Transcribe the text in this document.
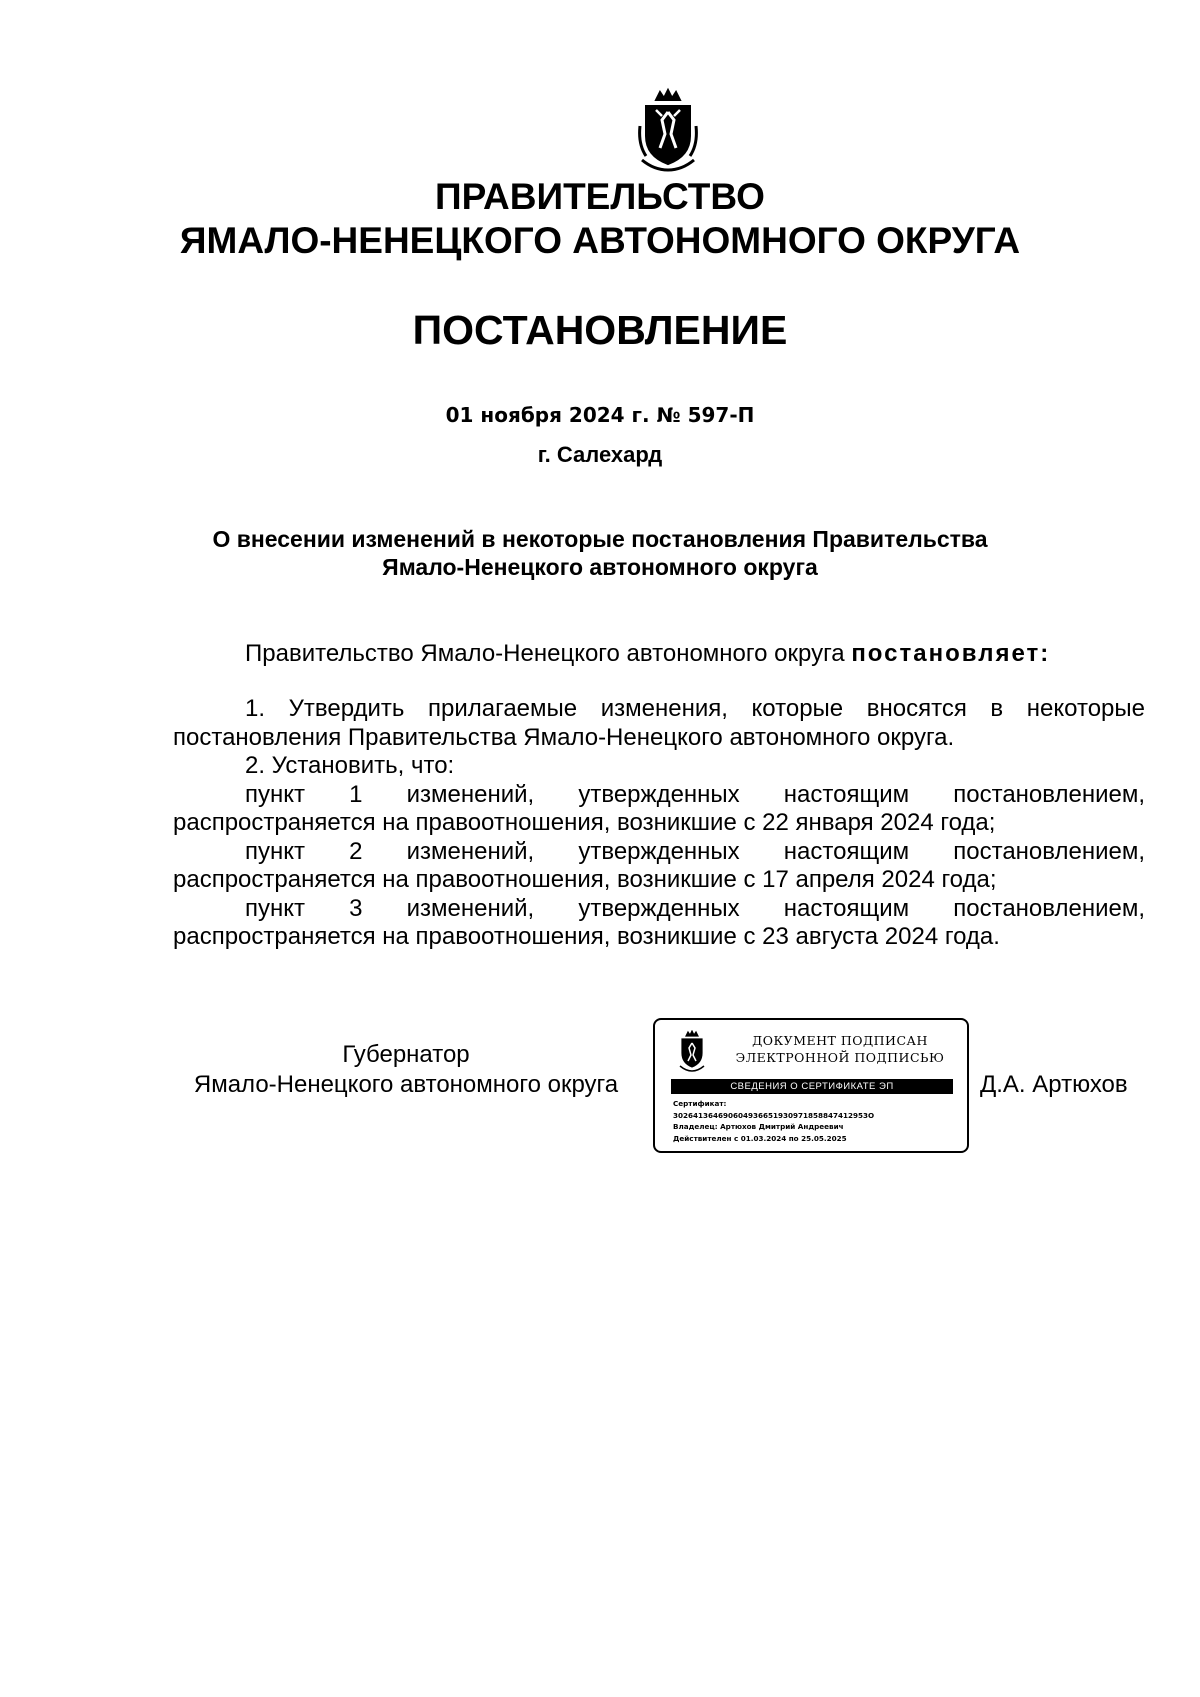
ПРАВИТЕЛЬСТВО
ЯМАЛО-НЕНЕЦКОГО АВТОНОМНОГО ОКРУГА
ПОСТАНОВЛЕНИЕ
01 ноября 2024 г. № 597-П
г. Салехард
О внесении изменений в некоторые постановления Правительства
Ямало-Ненецкого автономного округа

Правительство Ямало-Ненецкого автономного округа постановляет:

1. Утвердить прилагаемые изменения, которые вносятся в некоторые постановления Правительства Ямало-Ненецкого автономного округа.

2. Установить, что:

пункт 1 изменений, утвержденных настоящим постановлением, распространяется на правоотношения, возникшие с 22 января 2024 года;

пункт 2 изменений, утвержденных настоящим постановлением, распространяется на правоотношения, возникшие с 17 апреля 2024 года;

пункт 3 изменений, утвержденных настоящим постановлением, распространяется на правоотношения, возникшие с 23 августа 2024 года.

Губернатор
Ямало-Ненецкого автономного округа
ДОКУМЕНТ ПОДПИСАН
ЭЛЕКТРОННОЙ ПОДПИСЬЮ
СВЕДЕНИЯ О СЕРТИФИКАТЕ ЭП
Сертификат:
302641364690604936651930971858847412953О
Владелец: Артюхов Дмитрий Андреевич
Действителен с 01.03.2024 по 25.05.2025
Д.А. Артюхов
